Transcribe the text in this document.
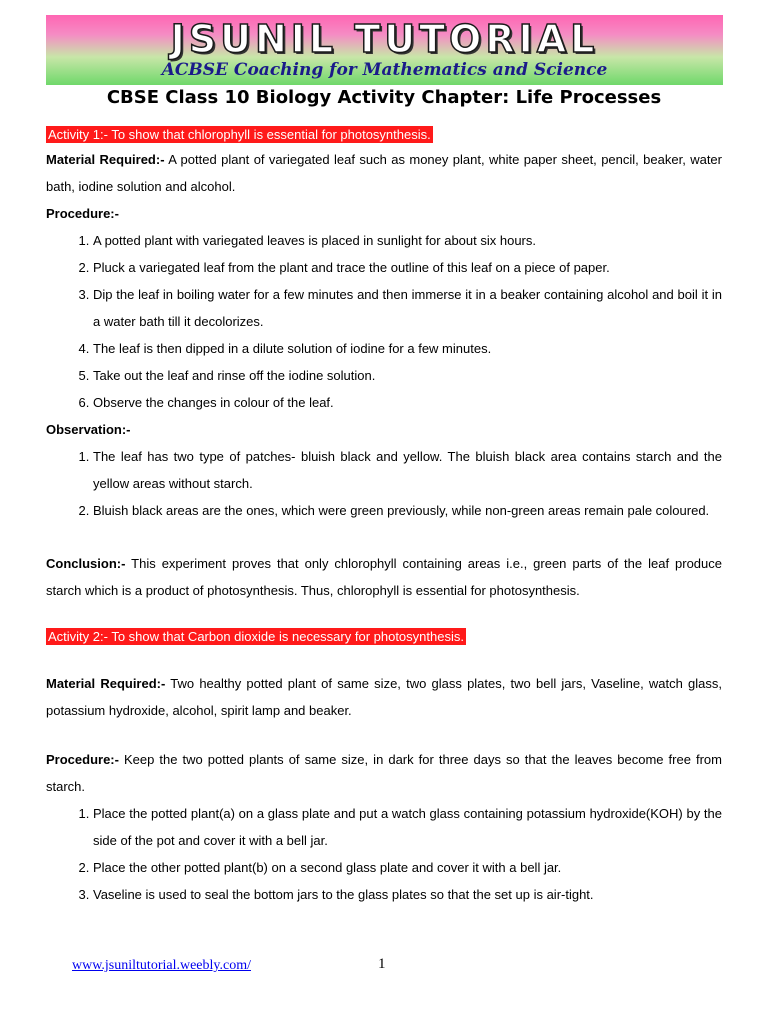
JSUNIL TUTORIAL
ACBSE Coaching for Mathematics and Science
CBSE Class 10 Biology Activity Chapter: Life Processes
Activity 1:- To show that chlorophyll is essential for photosynthesis.

Material Required:- A potted plant of variegated leaf such as money plant, white paper sheet, pencil, beaker, water bath, iodine solution and alcohol.

Procedure:-

1. A potted plant with variegated leaves is placed in sunlight for about six hours.
2. Pluck a variegated leaf from the plant and trace the outline of this leaf on a piece of paper.
3. Dip the leaf in boiling water for a few minutes and then immerse it in a beaker containing alcohol and boil it in a water bath till it decolorizes.
4. The leaf is then dipped in a dilute solution of iodine for a few minutes.
5. Take out the leaf and rinse off the iodine solution.
6. Observe the changes in colour of the leaf.

Observation:-

1. The leaf has two type of patches- bluish black and yellow. The bluish black area contains starch and the yellow areas without starch.
2. Bluish black areas are the ones, which were green previously, while non-green areas remain pale coloured.

Conclusion:- This experiment proves that only chlorophyll containing areas i.e., green parts of the leaf produce starch which is a product of photosynthesis. Thus, chlorophyll is essential for photosynthesis.

Activity 2:- To show that Carbon dioxide is necessary for photosynthesis.

Material Required:- Two healthy potted plant of same size, two glass plates, two bell jars, Vaseline, watch glass, potassium hydroxide, alcohol, spirit lamp and beaker.

Procedure:- Keep the two potted plants of same size, in dark for three days so that the leaves become free from starch.

1. Place the potted plant(a) on a glass plate and put a watch glass containing potassium hydroxide(KOH) by the side of the pot and cover it with a bell jar.
2. Place the other potted plant(b) on a second glass plate and cover it with a bell jar.
3. Vaseline is used to seal the bottom jars to the glass plates so that the set up is air-tight.
www.jsuniltutorial.weebly.com/	1
